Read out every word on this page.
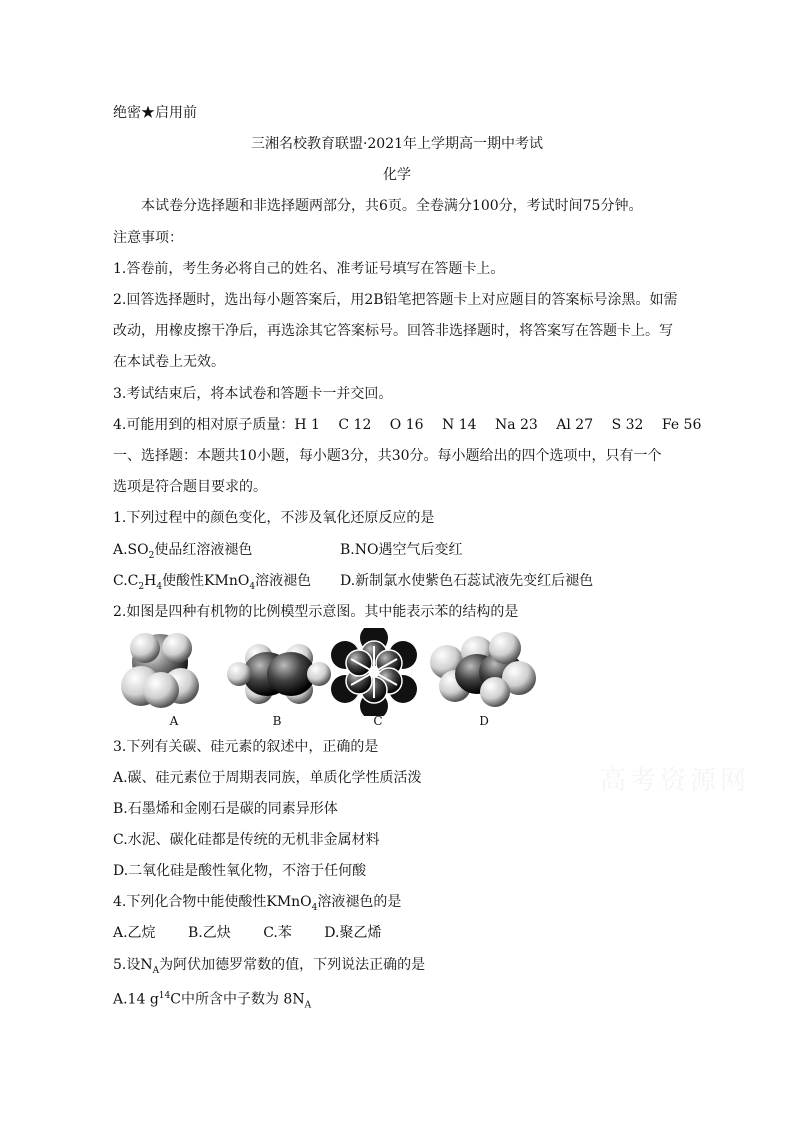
绝密★启用前
三湘名校教育联盟·2021年上学期高一期中考试
化学
本试卷分选择题和非选择题两部分，共6页。全卷满分100分，考试时间75分钟。
注意事项：
1.答卷前，考生务必将自己的姓名、准考证号填写在答题卡上。
2.回答选择题时，选出每小题答案后，用2B铅笔把答题卡上对应题目的答案标号涂黑。如需
改动，用橡皮擦干净后，再选涂其它答案标号。回答非选择题时，将答案写在答题卡上。写
在本试卷上无效。
3.考试结束后，将本试卷和答题卡一并交回。
4.可能用到的相对原子质量：H 1　 C 12　 O 16　 N 14　 Na 23　 Al 27　 S 32　 Fe 56
一、选择题：本题共10小题，每小题3分，共30分。每小题给出的四个选项中，只有一个
选项是符合题目要求的。
1.下列过程中的颜色变化，不涉及氧化还原反应的是
$A.SO_2$使品红溶液褪色	B.NO遇空气后变红
$C.C_2H_4$使酸性KMnO$_4$溶液褪色 D.新制氯水使紫色石蕊试液先变红后褪色
2.如图是四种有机物的比例模型示意图。其中能表示苯的结构的是
A	B	C	D
3.下列有关碳、硅元素的叙述中，正确的是
A.碳、硅元素位于周期表同族，单质化学性质活泼
B.石墨烯和金刚石是碳的同素异形体
C.水泥、碳化硅都是传统的无机非金属材料
D.二氧化硅是酸性氧化物，不溶于任何酸
4.下列化合物中能使酸性KMnO$_4$溶液褪色的是
A.乙烷　　 B.乙炔　　 C.苯　　 D.聚乙烯
5.设$N_A$为阿伏加德罗常数的值，下列说法正确的是
A.14 $g^{14}C$中所含中子数为 $8N_A$
高考资源网
